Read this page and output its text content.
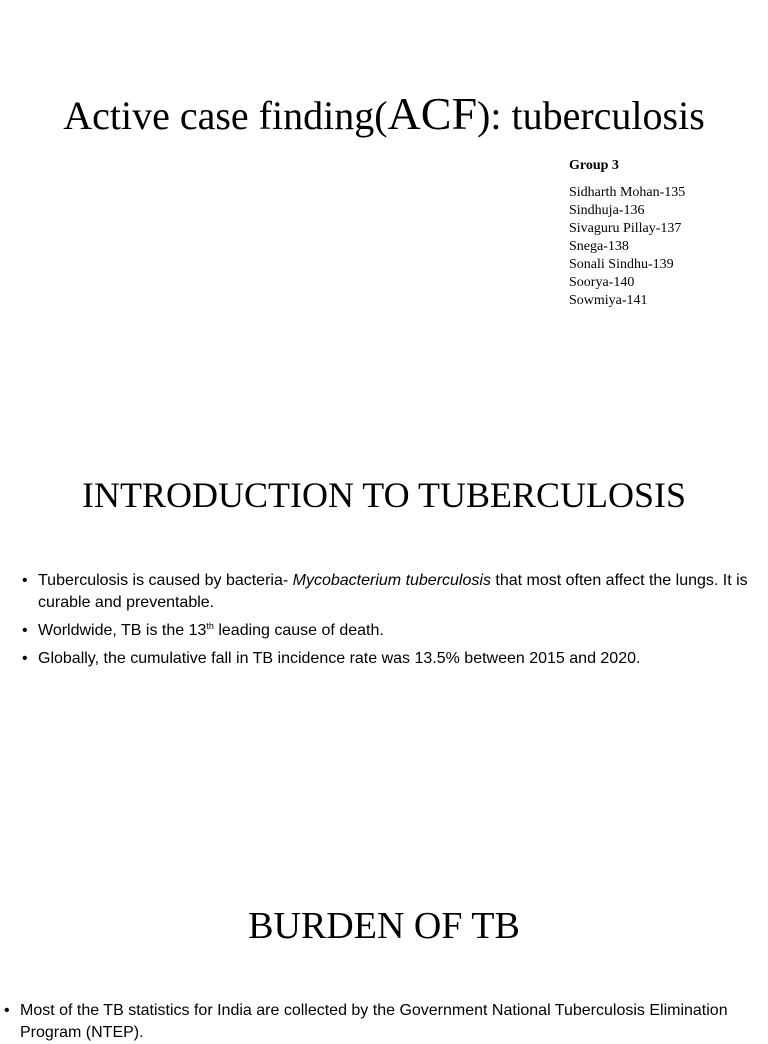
Active case finding(ACF): tuberculosis
Group 3
Sidharth Mohan-135
Sindhuja-136
Sivaguru Pillay-137
Snega-138
Sonali Sindhu-139
Soorya-140
Sowmiya-141
INTRODUCTION TO TUBERCULOSIS
• Tuberculosis is caused by bacteria- Mycobacterium tuberculosis that most often affect the lungs. It is curable and preventable.
• Worldwide, TB is the 13th leading cause of death.
• Globally, the cumulative fall in TB incidence rate was 13.5% between 2015 and 2020.
BURDEN OF TB
• Most of the TB statistics for India are collected by the Government National Tuberculosis Elimination Program (NTEP).
